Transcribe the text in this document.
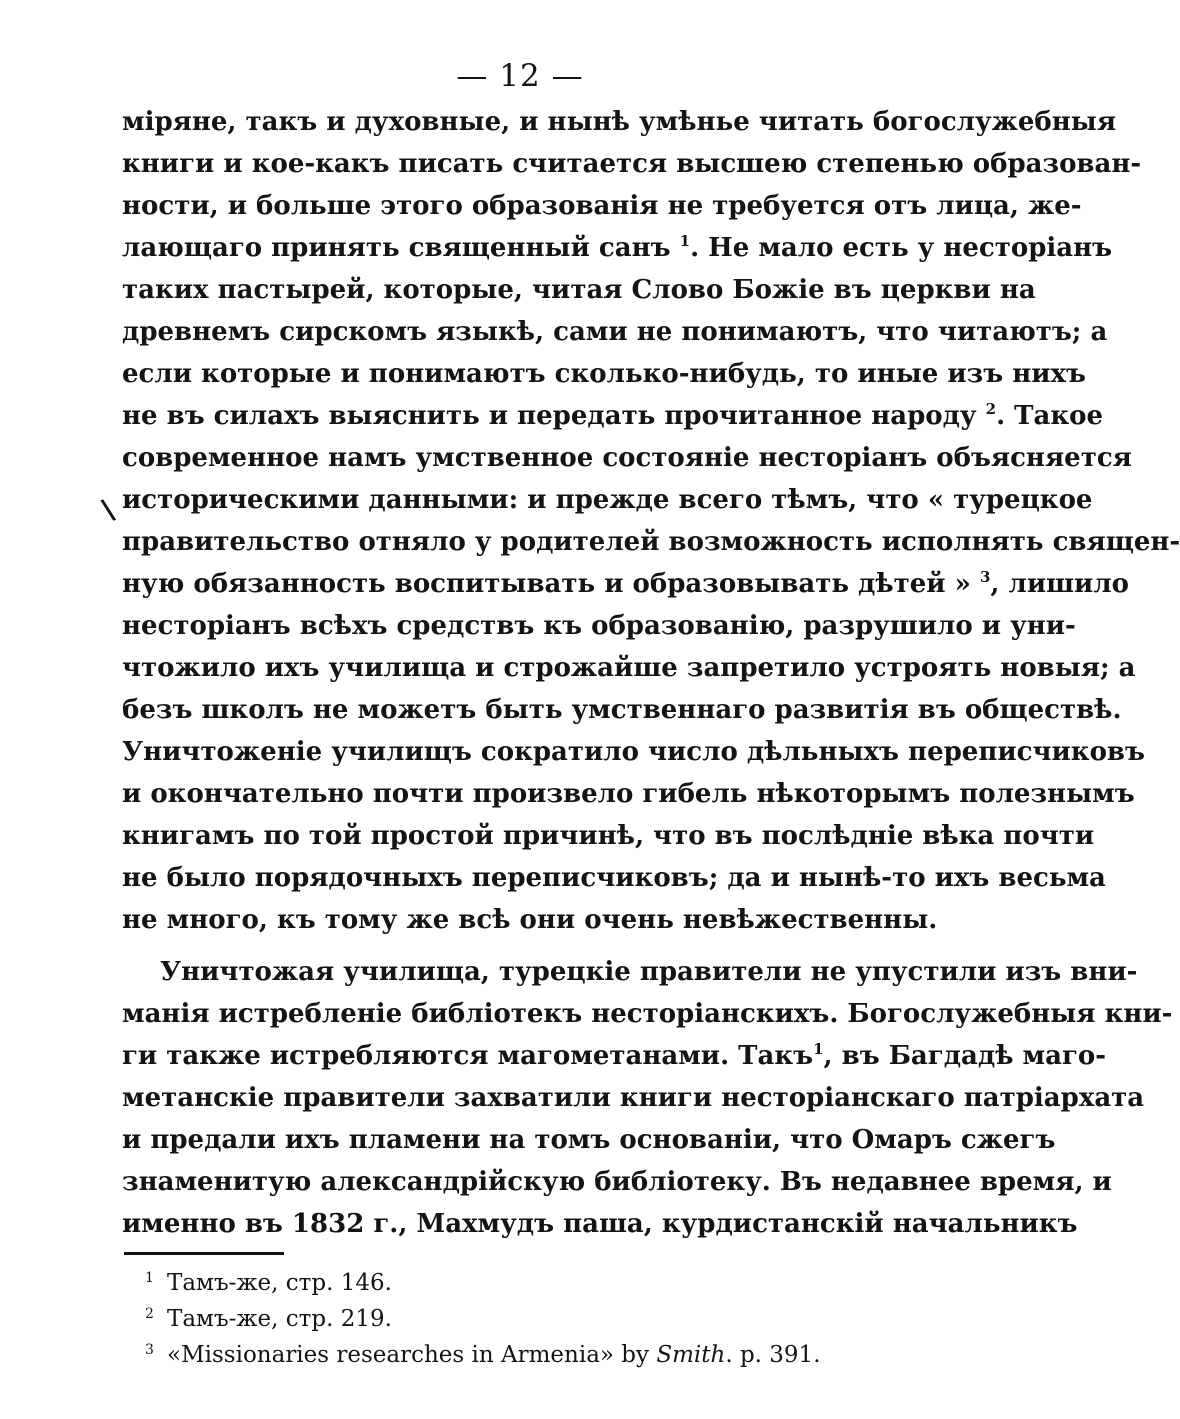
— 12 —
\
міряне, такъ и духовные, и нынѣ умѣнье читать богослужебныя
книги и кое-какъ писать считается высшею степенью образован-
ности, и больше этого образованія не требуется отъ лица, же-
лающаго принять священный санъ $^1$. Не мало есть у несторіанъ
таких пастырей, которые, читая Слово Божіе въ церкви на
древнемъ сирскомъ языкѣ, сами не понимаютъ, что читаютъ; а
если которые и понимаютъ сколько-нибудь, то иные изъ нихъ
не въ силахъ выяснить и передать прочитанное народу $^2$. Такое
современное намъ умственное состояніе несторіанъ объясняется
историческими данными: и прежде всего тѣмъ, что « турецкое
правительство отняло у родителей возможность исполнять священ-
ную обязанность воспитывать и образовывать дѣтей » $^3$, лишило
несторіанъ всѣхъ средствъ къ образованію, разрушило и уни-
чтожило ихъ училища и строжайше запретило устроять новыя; а
безъ школъ не можетъ быть умственнаго развитія въ обществѣ.
Уничтоженіе училищъ сократило число дѣльныхъ переписчиковъ
и окончательно почти произвело гибель нѣкоторымъ полезнымъ
книгамъ по той простой причинѣ, что въ послѣдніе вѣка почти
не было порядочныхъ переписчиковъ; да и нынѣ-то ихъ весьма
не много, къ тому же всѣ они очень невѣжественны.
Уничтожая училища, турецкіе правители не упустили изъ вни-
манія истребленіе библіотекъ несторіанскихъ. Богослужебныя кни-
ги также истребляются магометанами. Такъ$^1$, въ Багдадѣ маго-
метанскіе правители захватили книги несторіанскаго патріархата
и предали ихъ пламени на томъ основаніи, что Омаръ сжегъ
знаменитую александрійскую библіотеку. Въ недавнее время, и
именно въ 1832 г., Махмудъ паша, курдистанскій начальникъ
1 Тамъ-же, стр. 146.
2 Тамъ-же, стр. 219.
3 «Missionaries researches in Armenia» by Smith. p. 391.
